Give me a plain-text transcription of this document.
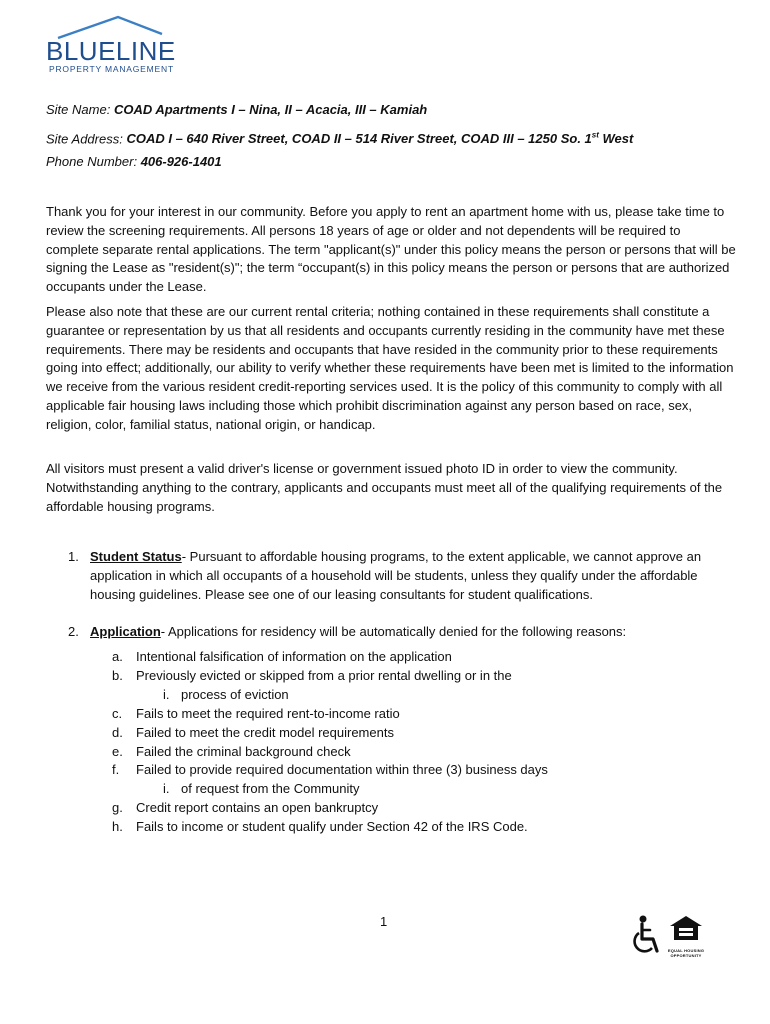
BLUELINE
PROPERTY MANAGEMENT
Site Name: COAD Apartments I – Nina, II – Acacia, III – Kamiah
Site Address: COAD I – 640 River Street, COAD II – 514 River Street, COAD III – 1250 So. 1st West
Phone Number: 406-926-1401
Thank you for your interest in our community. Before you apply to rent an apartment home with us, please take time to review the screening requirements. All persons 18 years of age or older and not dependents will be required to complete separate rental applications. The term "applicant(s)" under this policy means the person or persons that will be signing the Lease as "resident(s)"; the term “occupant(s) in this policy means the person or persons that are authorized occupants under the Lease.
Please also note that these are our current rental criteria; nothing contained in these requirements shall constitute a guarantee or representation by us that all residents and occupants currently residing in the community have met these requirements. There may be residents and occupants that have resided in the community prior to these requirements going into effect; additionally, our ability to verify whether these requirements have been met is limited to the information we receive from the various resident credit-reporting services used. It is the policy of this community to comply with all applicable fair housing laws including those which prohibit discrimination against any person based on race, sex, religion, color, familial status, national origin, or handicap.
All visitors must present a valid driver's license or government issued photo ID in order to view the community. Notwithstanding anything to the contrary, applicants and occupants must meet all of the qualifying requirements of the affordable housing programs.
1. Student Status- Pursuant to affordable housing programs, to the extent applicable, we cannot approve an application in which all occupants of a household will be students, unless they qualify under the affordable housing guidelines. Please see one of our leasing consultants for student qualifications.
2. Application- Applications for residency will be automatically denied for the following reasons:
a. Intentional falsification of information on the application
b. Previously evicted or skipped from a prior rental dwelling or in the
i. process of eviction
c. Fails to meet the required rent-to-income ratio
d. Failed to meet the credit model requirements
e. Failed the criminal background check
f. Failed to provide required documentation within three (3) business days
i. of request from the Community
g. Credit report contains an open bankruptcy
h. Fails to income or student qualify under Section 42 of the IRS Code.
1
EQUAL HOUSING
OPPORTUNITY
